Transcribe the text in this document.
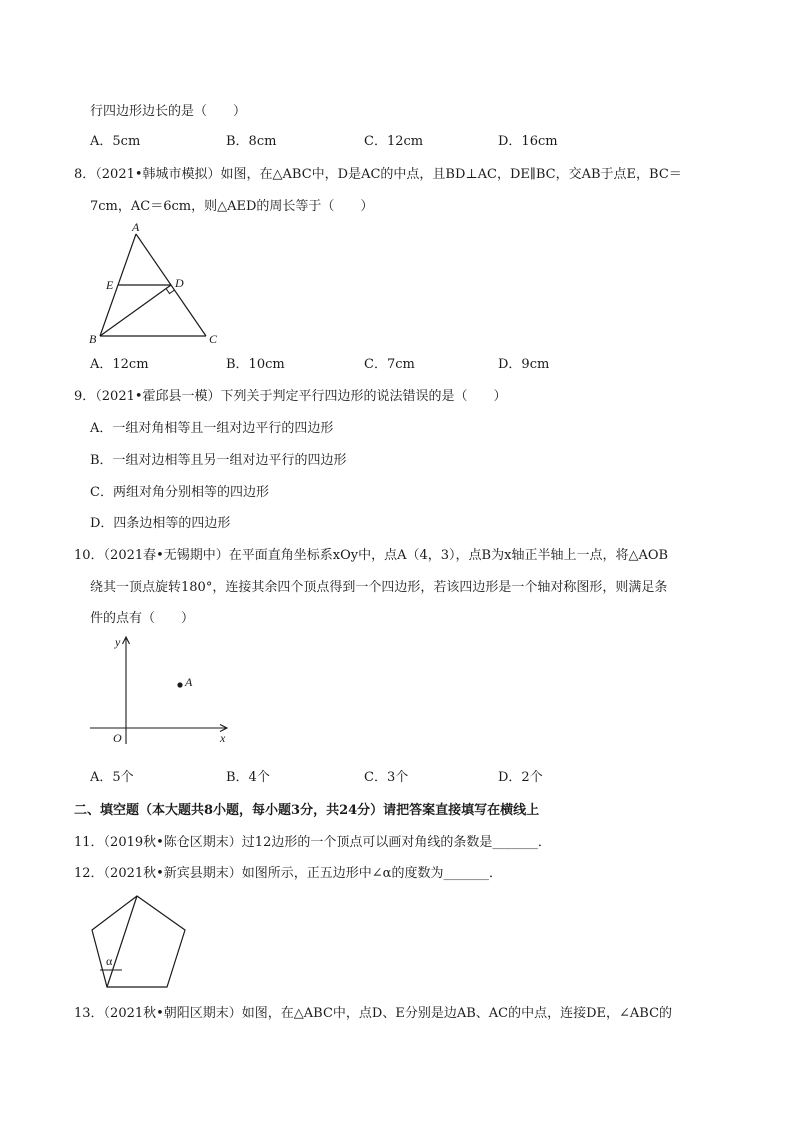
行四边形边长的是（　　）
A．5cm	B．8cm	C．12cm	D．16cm
8．（2021•韩城市模拟）如图，在△ABC中，D是AC的中点，且BD⊥AC，DE∥BC，交AB于点E，BC＝
7cm，AC＝6cm，则△AED的周长等于（　　）
A
E	D
B	C
A．12cm	B．10cm	C．7cm	D．9cm
9．（2021•霍邱县一模）下列关于判定平行四边形的说法错误的是（　　）
A．一组对角相等且一组对边平行的四边形
B．一组对边相等且另一组对边平行的四边形
C．两组对角分别相等的四边形
D．四条边相等的四边形
10．（2021春•无锡期中）在平面直角坐标系xOy中，点A（4，3），点B为x轴正半轴上一点，将△AOB
绕其一顶点旋转180°，连接其余四个顶点得到一个四边形，若该四边形是一个轴对称图形，则满足条
件的点有（　　）
y
x
O
A
A．5个	B．4个	C．3个	D．2个
二、填空题（本大题共8小题，每小题3分，共24分）请把答案直接填写在横线上
11．（2019秋•陈仓区期末）过12边形的一个顶点可以画对角线的条数是_______．
12．（2021秋•新宾县期末）如图所示，正五边形中∠α的度数为_______．
α
13．（2021秋•朝阳区期末）如图，在△ABC中，点D、E分别是边AB、AC的中点，连接DE，∠ABC的
